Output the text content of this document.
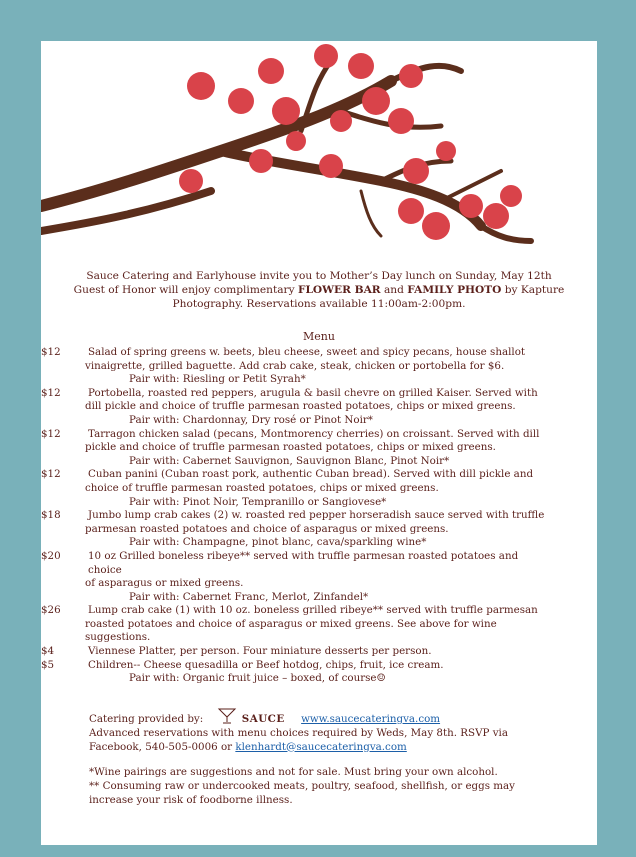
Sauce Catering and Earlyhouse invite you to Mother’s Day lunch on Sunday, May 12th
Guest of Honor will enjoy complimentary FLOWER BAR and FAMILY PHOTO by Kapture
Photography. Reservations available 11:00am-2:00pm.
Menu
$12	Salad of spring greens w. beets, bleu cheese, sweet and spicy pecans, house shallot
vinaigrette, grilled baguette. Add crab cake, steak, chicken or portobella for $6.
Pair with: Riesling or Petit Syrah*
$12	Portobella, roasted red peppers, arugula & basil chevre on grilled Kaiser. Served with
dill pickle and choice of truffle parmesan roasted potatoes, chips or mixed greens.
Pair with: Chardonnay, Dry rosé or Pinot Noir*
$12	Tarragon chicken salad (pecans, Montmorency cherries) on croissant. Served with dill
pickle and choice of truffle parmesan roasted potatoes, chips or mixed greens.
Pair with: Cabernet Sauvignon, Sauvignon Blanc, Pinot Noir*
$12	Cuban panini (Cuban roast pork, authentic Cuban bread). Served with dill pickle and
choice of truffle parmesan roasted potatoes, chips or mixed greens.
Pair with: Pinot Noir, Tempranillo or Sangiovese*
$18	Jumbo lump crab cakes (2) w. roasted red pepper horseradish sauce served with truffle
parmesan roasted potatoes and choice of asparagus or mixed greens.
Pair with: Champagne, pinot blanc, cava/sparkling wine*
$20	10 oz Grilled boneless ribeye** served with truffle parmesan roasted potatoes and choice
of asparagus or mixed greens.
Pair with: Cabernet Franc, Merlot, Zinfandel*
$26	Lump crab cake (1) with 10 oz. boneless grilled ribeye** served with truffle parmesan
roasted potatoes and choice of asparagus or mixed greens. See above for wine suggestions.
$4	Viennese Platter, per person. Four miniature desserts per person.
$5	Children-- Cheese quesadilla or Beef hotdog, chips, fruit, ice cream.
Pair with: Organic fruit juice – boxed, of course☺
Catering provided by:	SAUCE www.saucecateringva.com
Advanced reservations with menu choices required by Weds, May 8th. RSVP via Facebook, 540-505-0006 or klenhardt@saucecateringva.com
*Wine pairings are suggestions and not for sale. Must bring your own alcohol.
** Consuming raw or undercooked meats, poultry, seafood, shellfish, or eggs may increase your risk of foodborne illness.
